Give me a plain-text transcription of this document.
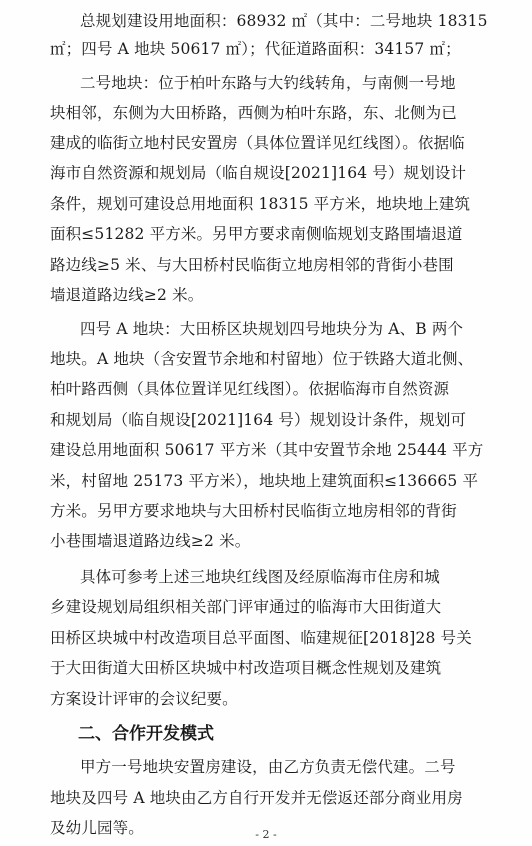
总规划建设用地面积：68932 ㎡（其中：二号地块 18315
㎡；四号 A 地块 50617 ㎡）；代征道路面积：34157 ㎡；
二号地块：位于柏叶东路与大钓线转角，与南侧一号地
块相邻，东侧为大田桥路，西侧为柏叶东路，东、北侧为已
建成的临街立地村民安置房（具体位置详见红线图）。依据临
海市自然资源和规划局（临自规设[2021]164 号）规划设计
条件，规划可建设总用地面积 18315 平方米，地块地上建筑
面积≤51282 平方米。另甲方要求南侧临规划支路围墙退道
路边线≥5 米、与大田桥村民临街立地房相邻的背街小巷围
墙退道路边线≥2 米。
四号 A 地块：大田桥区块规划四号地块分为 A、B 两个
地块。A 地块（含安置节余地和村留地）位于铁路大道北侧、
柏叶路西侧（具体位置详见红线图）。依据临海市自然资源
和规划局（临自规设[2021]164 号）规划设计条件，规划可
建设总用地面积 50617 平方米（其中安置节余地 25444 平方
米，村留地 25173 平方米），地块地上建筑面积≤136665 平
方米。另甲方要求地块与大田桥村民临街立地房相邻的背街
小巷围墙退道路边线≥2 米。
具体可参考上述三地块红线图及经原临海市住房和城
乡建设规划局组织相关部门评审通过的临海市大田街道大
田桥区块城中村改造项目总平面图、临建规征[2018]28 号关
于大田街道大田桥区块城中村改造项目概念性规划及建筑
方案设计评审的会议纪要。
二、合作开发模式
甲方一号地块安置房建设，由乙方负责无偿代建。二号
地块及四号 A 地块由乙方自行开发并无偿返还部分商业用房
及幼儿园等。	- 2 -
